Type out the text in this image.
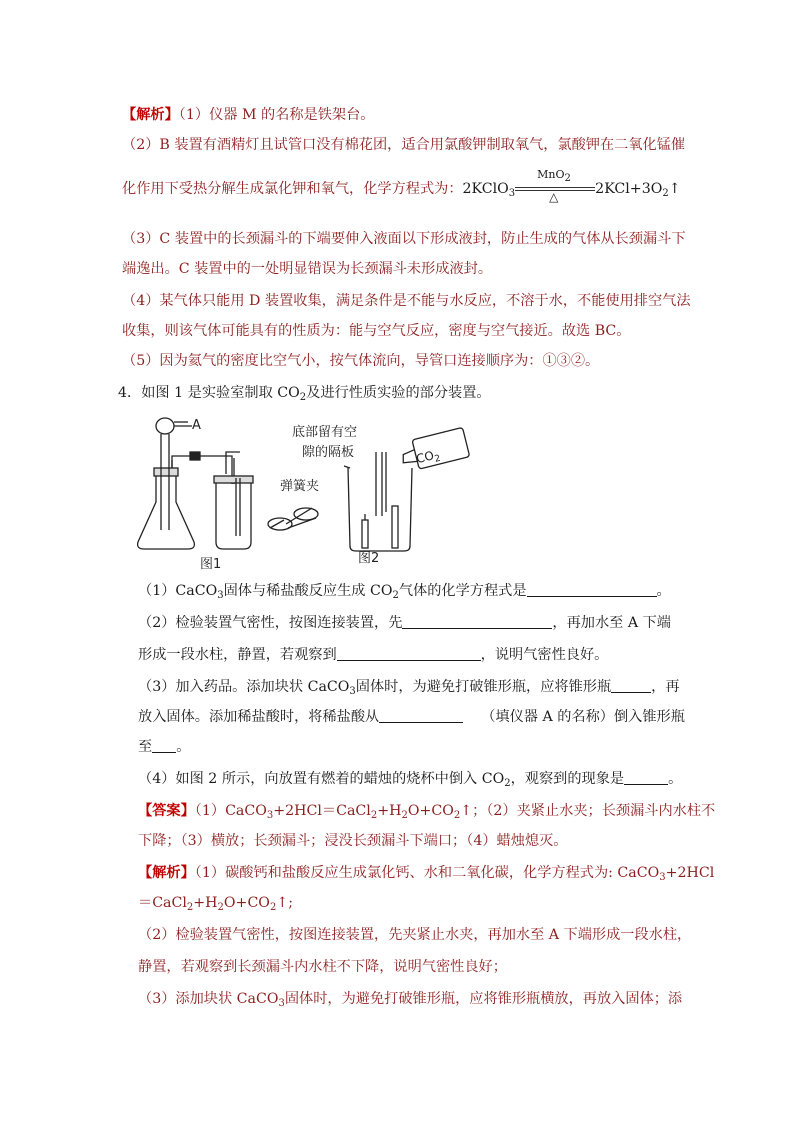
【解析】（1）仪器 M 的名称是铁架台。
（2）B 装置有酒精灯且试管口没有棉花团，适合用氯酸钾制取氧气，氯酸钾在二氧化锰催
化作用下受热分解生成氯化钾和氧气，化学方程式为：2KClO$_3$
MnO$_2$
△	$2KCl+3O_2↑$
（3）C 装置中的长颈漏斗的下端要伸入液面以下形成液封，防止生成的气体从长颈漏斗下
端逸出。C 装置中的一处明显错误为长颈漏斗未形成液封。
（4）某气体只能用 D 装置收集，满足条件是不能与水反应，不溶于水，不能使用排空气法
收集，则该气体可能具有的性质为：能与空气反应，密度与空气接近。故选 BC。
（5）因为氦气的密度比空气小，按气体流向，导管口连接顺序为：①③②。
4．如图 1 是实验室制取 $CO_2$及进行性质实验的部分装置。
A
弹簧夹
底部留有空
隙的隔板	$CO_2$
图1	图2
（1）CaCO$_3$固体与稀盐酸反应生成 $CO_2$气体的化学方程式是	。
（2）检验装置气密性，按图连接装置，先	，再加水至 A 下端
形成一段水柱，静置，若观察到	，说明气密性良好。
（3）加入药品。添加块状 CaCO$_3$固体时，为避免打破锥形瓶，应将锥形瓶	，再
放入固体。添加稀盐酸时，将稀盐酸从	（填仪器 A 的名称）倒入锥形瓶
至 。
（4）如图 2 所示，向放置有燃着的蜡烛的烧杯中倒入 $CO_2$，观察到的现象是	。
【答案】$(1)CaCO_3+2HCl=CaCl_2+H_2O+CO_2↑$；（2）夹紧止水夹；长颈漏斗内水柱不
下降；（3）横放；长颈漏斗；浸没长颈漏斗下端口；（4）蜡烛熄灭。
【解析】（1）碳酸钙和盐酸反应生成氯化钙、水和二氧化碳，化学方程式为: CaCO$_3$+2HCl
$=CaCl_2+H_2O+CO_2↑$;
（2）检验装置气密性，按图连接装置，先夹紧止水夹，再加水至 A 下端形成一段水柱，
静置，若观察到长颈漏斗内水柱不下降，说明气密性良好；
（3）添加块状 CaCO$_3$固体时，为避免打破锥形瓶，应将锥形瓶横放，再放入固体；添
